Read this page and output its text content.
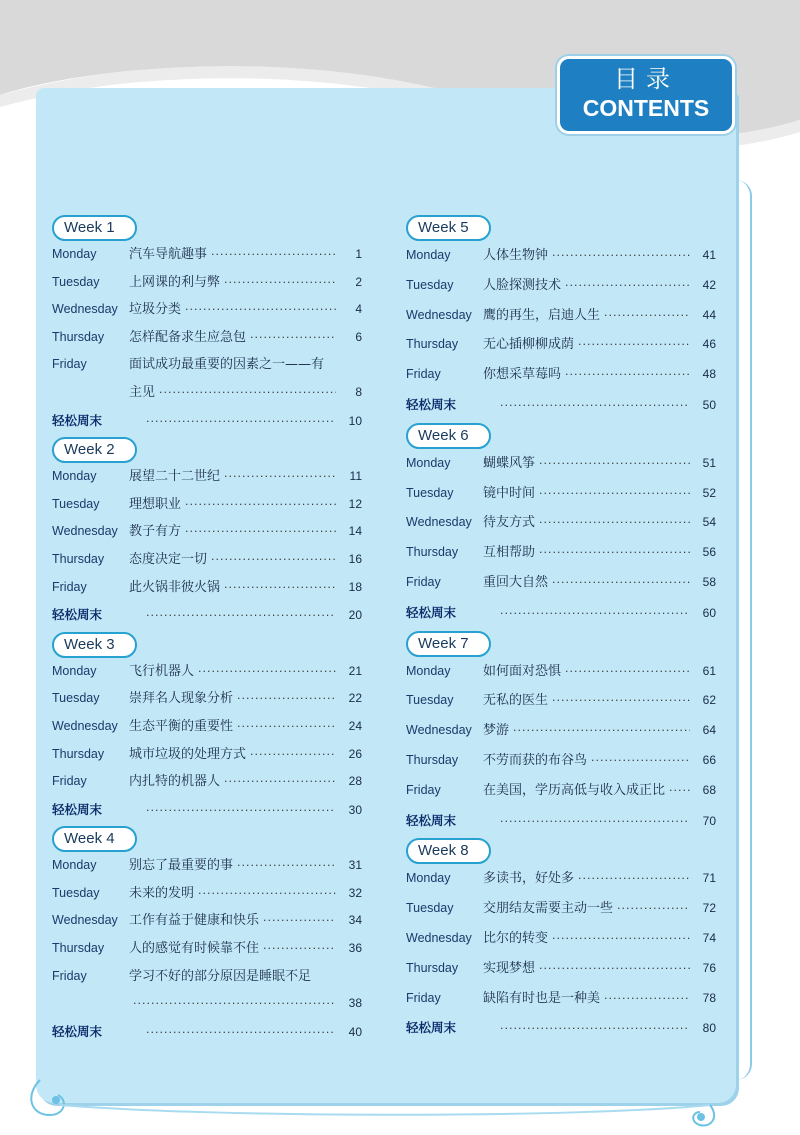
目录
CONTENTS
Week 1
Monday	汽车导航趣事 ·····	1
Tuesday	上网课的利与弊 ·····	2
Wednesday 垃圾分类 ·····	4
Thursday	怎样配备求生应急包 ·····	6
Friday	面试成功最重要的因素之一——有
主见 ·····	8
轻松周末 ·····	10
Week 2
Monday	展望二十二世纪 ·····	11
Tuesday	理想职业 ·····	12
Wednesday 教子有方 ·····	14
Thursday	态度决定一切 ·····	16
Friday	此火锅非彼火锅 ·····	18
轻松周末 ·····	20
Week 3
Monday	飞行机器人 ·····	21
Tuesday	崇拜名人现象分析 ·····	22
Wednesday 生态平衡的重要性 ·····	24
Thursday	城市垃圾的处理方式 ·····	26
Friday	内扎特的机器人 ·····	28
轻松周末 ·····	30
Week 4
Monday	别忘了最重要的事 ·····	31
Tuesday	未来的发明 ·····	32
Wednesday 工作有益于健康和快乐 ·····	34
Thursday	人的感觉有时候靠不住 ·····	36
Friday	学习不好的部分原因是睡眠不足
·····
38
轻松周末 ·····	40
Week 5
Monday	人体生物钟 ·····	41
Tuesday	人脸探测技术 ·····	42
Wednesday 鹰的再生，启迪人生 ·····	44
Thursday	无心插柳柳成荫 ·····	46
Friday	你想采草莓吗 ·····	48
轻松周末 ·····	50
Week 6
Monday	蝴蝶风筝 ·····	51
Tuesday	镜中时间 ·····	52
Wednesday 待友方式 ·····	54
Thursday	互相帮助 ·····	56
Friday	重回大自然 ·····	58
轻松周末 ·····	60
Week 7
Monday	如何面对恐惧 ·····	61
Tuesday	无私的医生 ·····	62
Wednesday 梦游 ·····	64
Thursday	不劳而获的布谷鸟 ·····	66
Friday	在美国，学历高低与收入成正比 ·····	68
轻松周末 ·····	70
Week 8
Monday	多读书，好处多 ·····	71
Tuesday	交朋结友需要主动一些 ·····	72
Wednesday 比尔的转变 ·····	74
Thursday	实现梦想 ·····	76
Friday	缺陷有时也是一种美 ·····	78
轻松周末 ·····	80
